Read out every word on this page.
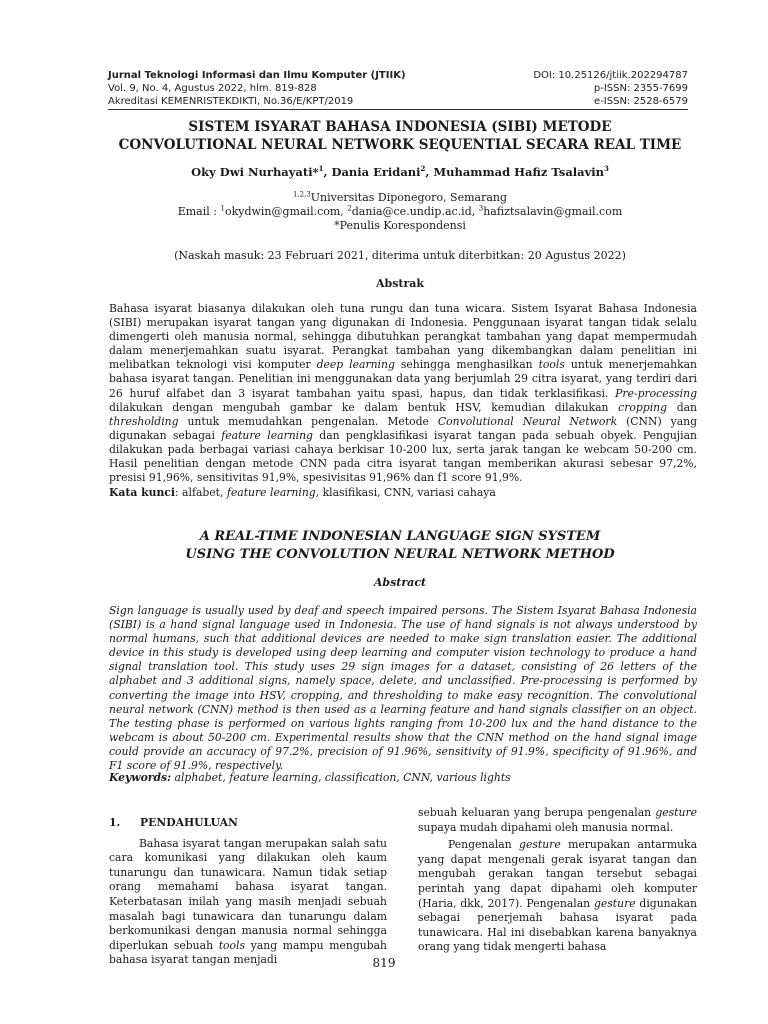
Jurnal Teknologi Informasi dan Ilmu Komputer (JTIIK)
Vol. 9, No. 4, Agustus 2022, hlm. 819-828
Akreditasi KEMENRISTEKDIKTI, No.36/E/KPT/2019
DOI: 10.25126/jtiik.202294787
p-ISSN: 2355-7699
e-ISSN: 2528-6579
SISTEM ISYARAT BAHASA INDONESIA (SIBI) METODE
CONVOLUTIONAL NEURAL NETWORK SEQUENTIAL SECARA REAL TIME
Oky Dwi Nurhayati*$^1$, Dania Eridani$^2$, Muhammad Hafiz Tsalavin$^3$
$^{1,2,3}$Universitas Diponegoro, Semarang
Email : $^1$okydwin@gmail.com, $^2$dania@ce.undip.ac.id, $^3$hafiztsalavin@gmail.com
*Penulis Korespondensi
(Naskah masuk: 23 Februari 2021, diterima untuk diterbitkan: 20 Agustus 2022)
Abstrak
Bahasa isyarat biasanya dilakukan oleh tuna rungu dan tuna wicara. Sistem Isyarat Bahasa Indonesia (SIBI) merupakan isyarat tangan yang digunakan di Indonesia. Penggunaan isyarat tangan tidak selalu dimengerti oleh manusia normal, sehingga dibutuhkan perangkat tambahan yang dapat mempermudah dalam menerjemahkan suatu isyarat. Perangkat tambahan yang dikembangkan dalam penelitian ini melibatkan teknologi visi komputer deep learning sehingga menghasilkan tools untuk menerjemahkan bahasa isyarat tangan. Penelitian ini menggunakan data yang berjumlah 29 citra isyarat, yang terdiri dari 26 huruf alfabet dan 3 isyarat tambahan yaitu spasi, hapus, dan tidak terklasifikasi. Pre-processing dilakukan dengan mengubah gambar ke dalam bentuk HSV, kemudian dilakukan cropping dan thresholding untuk memudahkan pengenalan. Metode Convolutional Neural Network (CNN) yang digunakan sebagai feature learning dan pengklasifikasi isyarat tangan pada sebuah obyek. Pengujian dilakukan pada berbagai variasi cahaya berkisar 10-200 lux, serta jarak tangan ke webcam 50-200 cm. Hasil penelitian dengan metode CNN pada citra isyarat tangan memberikan akurasi sebesar 97,2%, presisi 91,96%, sensitivitas 91,9%, spesivisitas 91,96% dan f1 score 91,9%.
Kata kunci: alfabet, feature learning, klasifikasi, CNN, variasi cahaya
A REAL-TIME INDONESIAN LANGUAGE SIGN SYSTEM
USING THE CONVOLUTION NEURAL NETWORK METHOD
Abstract
Sign language is usually used by deaf and speech impaired persons. The Sistem Isyarat Bahasa Indonesia (SIBI) is a hand signal language used in Indonesia. The use of hand signals is not always understood by normal humans, such that additional devices are needed to make sign translation easier. The additional device in this study is developed using deep learning and computer vision technology to produce a hand signal translation tool. This study uses 29 sign images for a dataset, consisting of 26 letters of the alphabet and 3 additional signs, namely space, delete, and unclassified. Pre-processing is performed by converting the image into HSV, cropping, and thresholding to make easy recognition. The convolutional neural network (CNN) method is then used as a learning feature and hand signals classifier on an object. The testing phase is performed on various lights ranging from 10-200 lux and the hand distance to the webcam is about 50-200 cm. Experimental results show that the CNN method on the hand signal image could provide an accuracy of 97.2%, precision of 91.96%, sensitivity of 91.9%, specificity of 91.96%, and F1 score of 91.9%, respectively.
Keywords: alphabet, feature learning, classification, CNN, various lights
1. PENDAHULUAN

Bahasa isyarat tangan merupakan salah satu cara komunikasi yang dilakukan oleh kaum tunarungu dan tunawicara. Namun tidak setiap orang memahami bahasa isyarat tangan. Keterbatasan inilah yang masih menjadi sebuah masalah bagi tunawicara dan tunarungu dalam berkomunikasi dengan manusia normal sehingga diperlukan sebuah tools yang mampu mengubah bahasa isyarat tangan menjadi

sebuah keluaran yang berupa pengenalan gesture supaya mudah dipahami oleh manusia normal.

Pengenalan gesture merupakan antarmuka yang dapat mengenali gerak isyarat tangan dan mengubah gerakan tangan tersebut sebagai perintah yang dapat dipahami oleh komputer (Haria, dkk, 2017). Pengenalan gesture digunakan sebagai penerjemah bahasa isyarat pada tunawicara. Hal ini disebabkan karena banyaknya orang yang tidak mengerti bahasa

819
